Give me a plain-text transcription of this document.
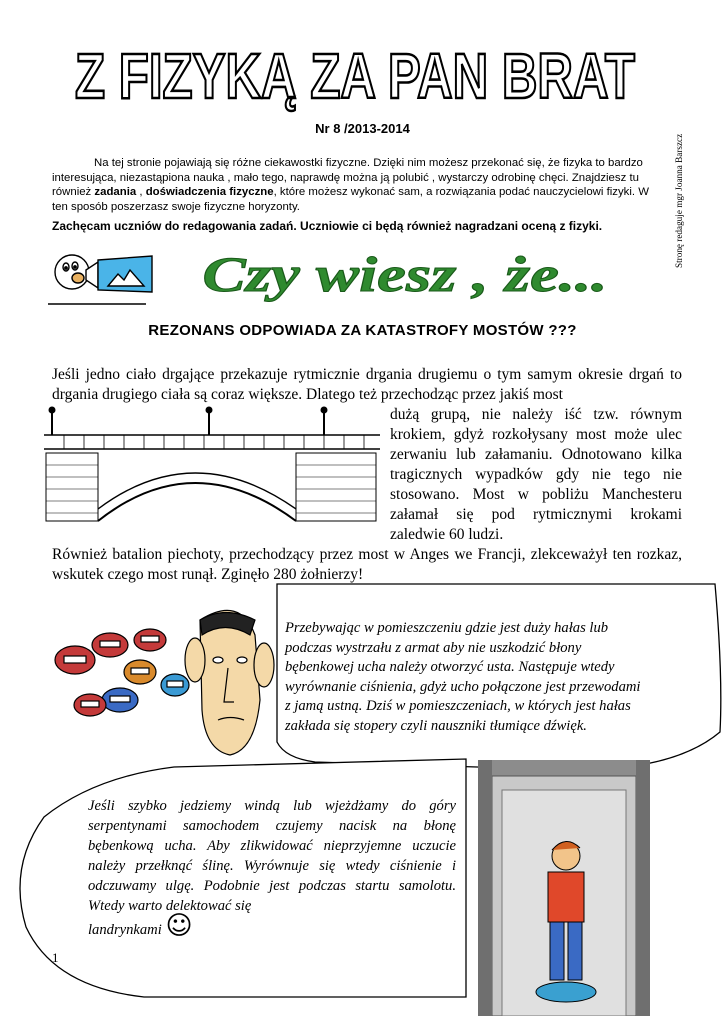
Z FIZYKĄ ZA PAN BRAT
Nr 8 /2013-2014
Stronę redaguje mgr Joanna Barszcz

Na tej stronie pojawiają się różne ciekawostki fizyczne. Dzięki nim możesz przekonać się, że fizyka to bardzo interesująca, niezastąpiona nauka , mało tego, naprawdę można ją polubić , wystarczy odrobinę chęci. Znajdziesz tu również zadania , doświadczenia fizyczne, które możesz wykonać sam, a rozwiązania podać nauczycielowi fizyki. W ten sposób poszerzasz swoje fizyczne horyzonty.

Zachęcam uczniów do redagowania zadań. Uczniowie ci będą również nagradzani oceną z fizyki.
Czy wiesz , że...
REZONANS ODPOWIADA ZA KATASTROFY MOSTÓW ???
Jeśli jedno ciało drgające przekazuje rytmicznie drgania drugiemu o tym samym okresie drgań to drgania drugiego ciała są coraz większe. Dlatego też przechodząc przez jakiś most
dużą grupą, nie należy iść tzw. równym krokiem, gdyż rozkołysany most może ulec zerwaniu lub załamaniu. Odnotowano kilka tragicznych wypadków gdy nie tego nie stosowano. Most w pobliżu Manchesteru załamał się pod rytmicznymi krokami zaledwie 60 ludzi.
Również batalion piechoty, przechodzący przez most w Anges we Francji, zlekceważył ten rozkaz, wskutek czego most runął. Zginęło 280 żołnierzy!
Przebywając w pomieszczeniu gdzie jest duży hałas lub podczas wystrzału z armat aby nie uszkodzić błony bębenkowej ucha należy otworzyć usta. Następuje wtedy wyrównanie ciśnienia, gdyż ucho połączone jest przewodami z jamą ustną. Dziś w pomieszczeniach, w których jest hałas zakłada się stopery czyli nauszniki tłumiące dźwięk.
Jeśli szybko jedziemy windą lub wjeżdżamy do góry serpentynami samochodem czujemy nacisk na błonę bębenkową ucha. Aby zlikwidować nieprzyjemne uczucie należy przełknąć ślinę. Wyrównuje się wtedy ciśnienie i odczuwamy ulgę. Podobnie jest podczas startu samolotu. Wtedy warto delektować się
landrynkami ☺
1
